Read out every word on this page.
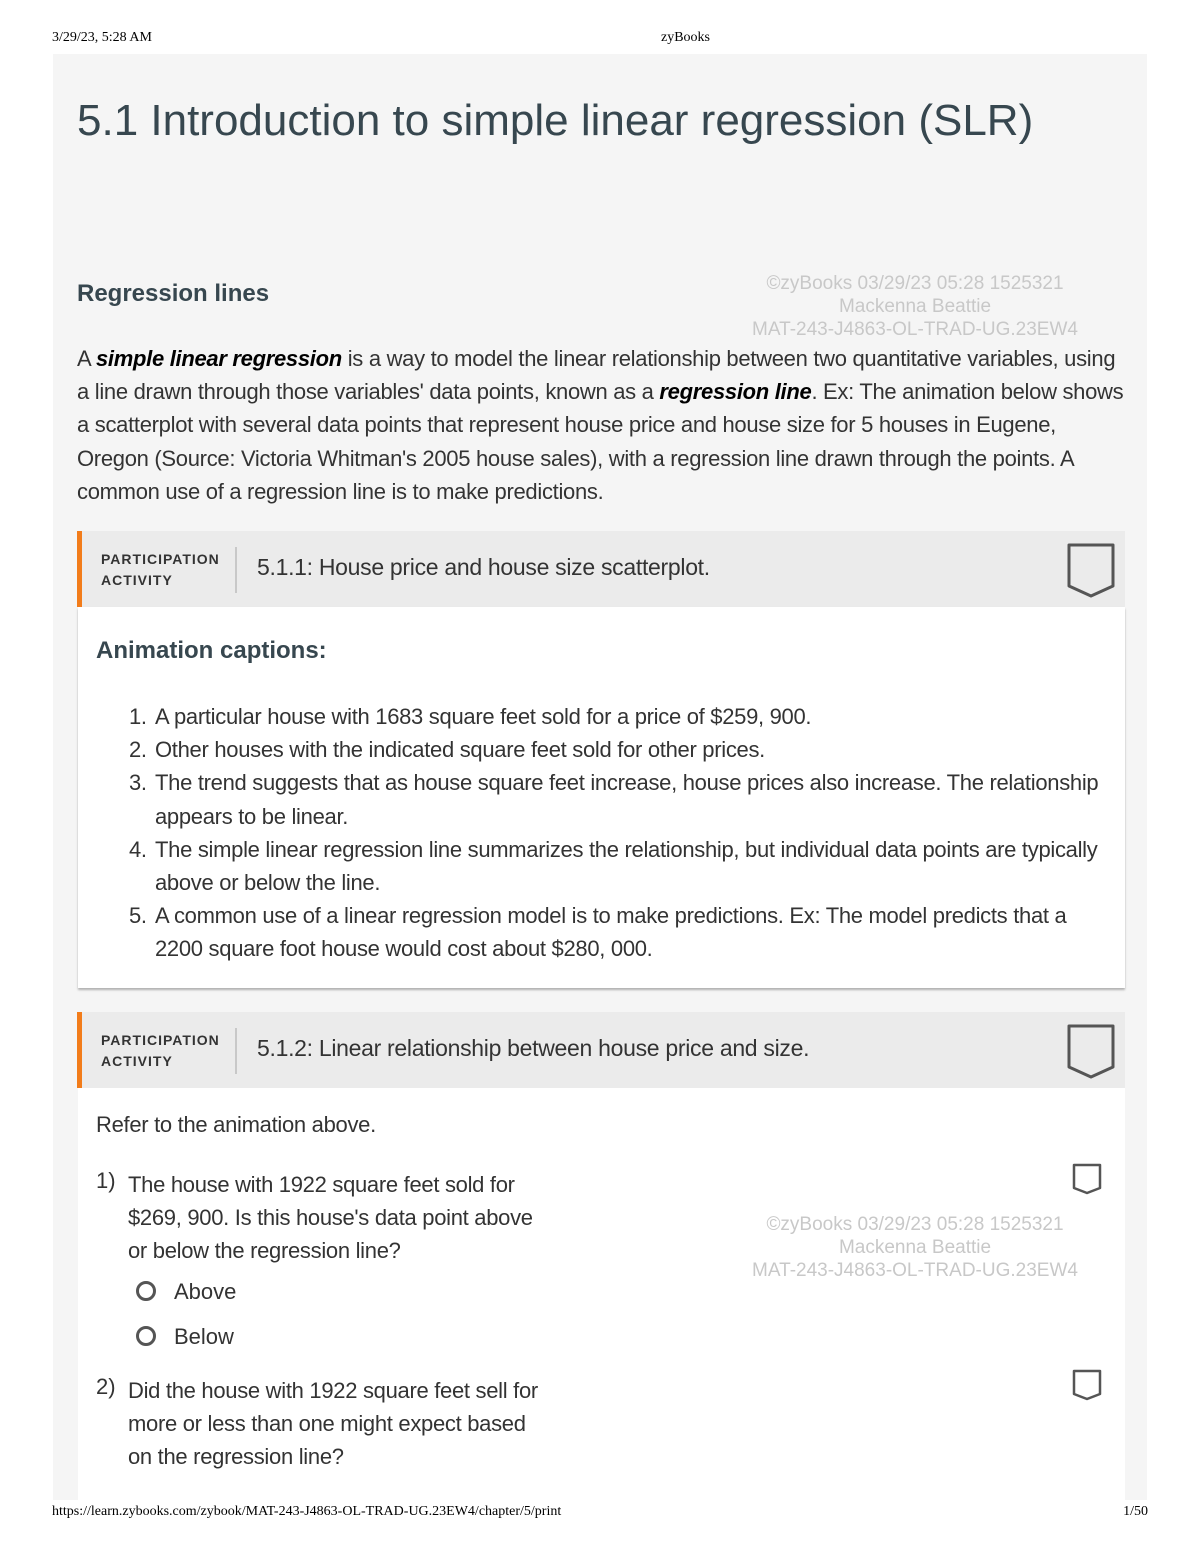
3/29/23, 5:28 AM	zyBooks
5.1 Introduction to simple linear regression (SLR)
Regression lines	©zyBooks 03/29/23 05:28 1525321
Mackenna Beattie
MAT-243-J4863-OL-TRAD-UG.23EW4

A simple linear regression is a way to model the linear relationship between two quantitative variables, using a line drawn through those variables' data points, known as a regression line. Ex: The animation below shows a scatterplot with several data points that represent house price and house size for 5 houses in Eugene, Oregon (Source: Victoria Whitman's 2005 house sales), with a regression line drawn through the points. A common use of a regression line is to make predictions.

PARTICIPATION
ACTIVITY	5.1.1: House price and house size scatterplot.
Animation captions:
1. A particular house with 1683 square feet sold for a price of $259, 900.
2. Other houses with the indicated square feet sold for other prices.
3. The trend suggests that as house square feet increase, house prices also increase. The relationship appears to be linear.
4. The simple linear regression line summarizes the relationship, but individual data points are typically above or below the line.
5. A common use of a linear regression model is to make predictions. Ex: The model predicts that a 2200 square foot house would cost about $280, 000.
PARTICIPATION
ACTIVITY	5.1.2: Linear relationship between house price and size.
Refer to the animation above.
1) The house with 1922 square feet sold for $269, 900. Is this house's data point above or below the regression line?
Above
Below
2) Did the house with 1922 square feet sell for more or less than one might expect based on the regression line?
©zyBooks 03/29/23 05:28 1525321
Mackenna Beattie
MAT-243-J4863-OL-TRAD-UG.23EW4
https://learn.zybooks.com/zybook/MAT-243-J4863-OL-TRAD-UG.23EW4/chapter/5/print	1/50
